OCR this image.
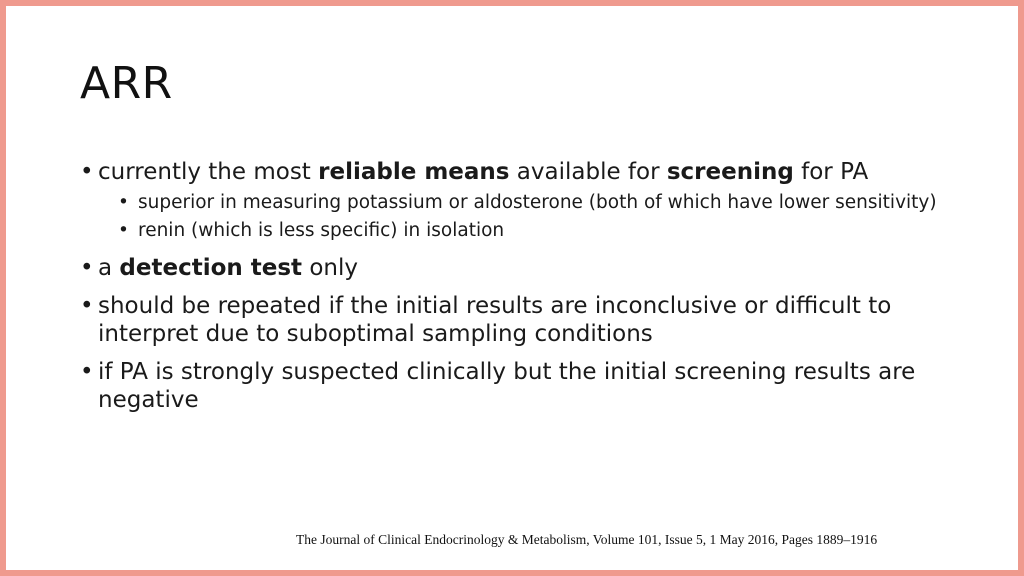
ARR
• currently the most reliable means available for screening for PA
• superior in measuring potassium or aldosterone (both of which have lower sensitivity)
• renin (which is less specific) in isolation
• a detection test only
• should be repeated if the initial results are inconclusive or difficult to interpret due to suboptimal sampling conditions
• if PA is strongly suspected clinically but the initial screening results are negative
The Journal of Clinical Endocrinology & Metabolism, Volume 101, Issue 5, 1 May 2016, Pages 1889–1916
